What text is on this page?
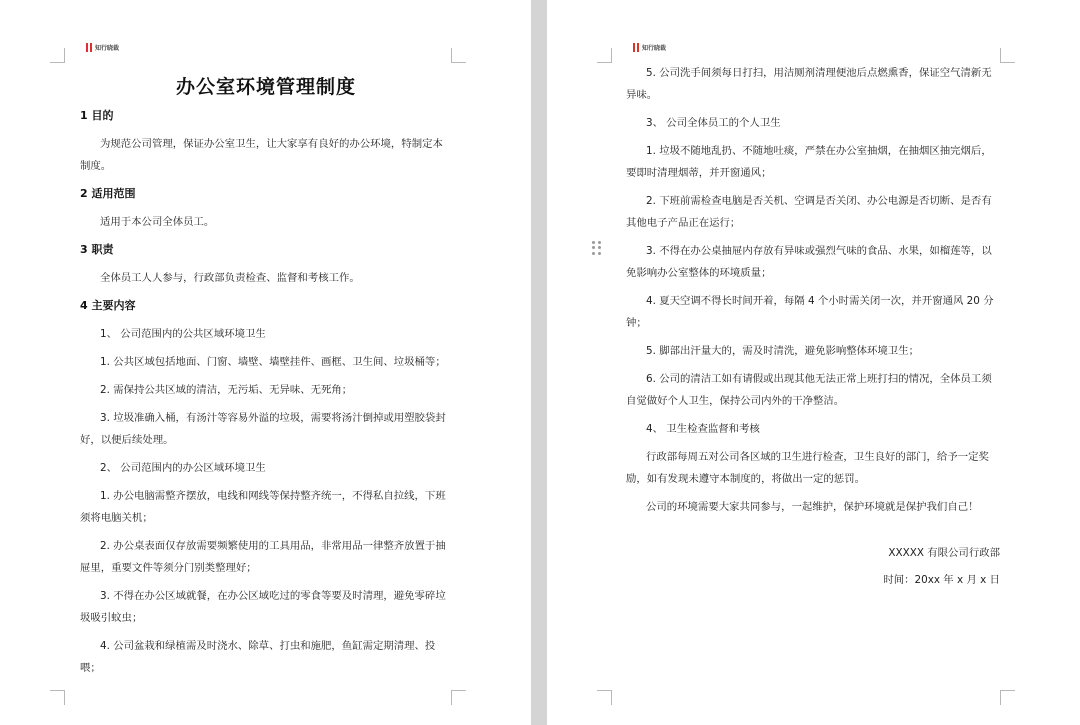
知行晓裁
办公室环境管理制度
1 目的

为规范公司管理，保证办公室卫生，让大家享有良好的办公环境，特制定本制度。

2 适用范围

适用于本公司全体员工。

3 职责

全体员工人人参与，行政部负责检查、监督和考核工作。

4 主要内容

1、 公司范围内的公共区域环境卫生

1. 公共区域包括地面、门窗、墙壁、墙壁挂件、画框、卫生间、垃圾桶等；

2. 需保持公共区域的清洁，无污垢、无异味、无死角；

3. 垃圾准确入桶，有汤汁等容易外溢的垃圾，需要将汤汁倒掉或用塑胶袋封好，以便后续处理。

2、 公司范围内的办公区域环境卫生

1. 办公电脑需整齐摆放，电线和网线等保持整齐统一，不得私自拉线，下班须将电脑关机；

2. 办公桌表面仅存放需要频繁使用的工具用品，非常用品一律整齐放置于抽屉里，重要文件等须分门别类整理好；

3. 不得在办公区域就餐，在办公区域吃过的零食等要及时清理，避免零碎垃圾吸引蚊虫；

4. 公司盆栽和绿植需及时浇水、除草、打虫和施肥，鱼缸需定期清理、投喂；

知行晓裁

5. 公司洗手间须每日打扫，用洁厕剂清理便池后点燃熏香，保证空气清新无异味。

3、 公司全体员工的个人卫生

1. 垃圾不随地乱扔、不随地吐痰，严禁在办公室抽烟，在抽烟区抽完烟后，要即时清理烟蒂，并开窗通风；

2. 下班前需检查电脑是否关机、空调是否关闭、办公电源是否切断、是否有其他电子产品正在运行；

3. 不得在办公桌抽屉内存放有异味或强烈气味的食品、水果，如榴莲等，以免影响办公室整体的环境质量；

4. 夏天空调不得长时间开着，每隔 4 个小时需关闭一次，并开窗通风 20 分钟；

5. 脚部出汗量大的，需及时清洗，避免影响整体环境卫生；

6. 公司的清洁工如有请假或出现其他无法正常上班打扫的情况，全体员工须自觉做好个人卫生，保持公司内外的干净整洁。

4、 卫生检查监督和考核

行政部每周五对公司各区域的卫生进行检查，卫生良好的部门，给予一定奖励，如有发现未遵守本制度的，将做出一定的惩罚。

公司的环境需要大家共同参与，一起维护，保护环境就是保护我们自己！

XXXXX 有限公司行政部

时间：20xx 年 x 月 x 日
